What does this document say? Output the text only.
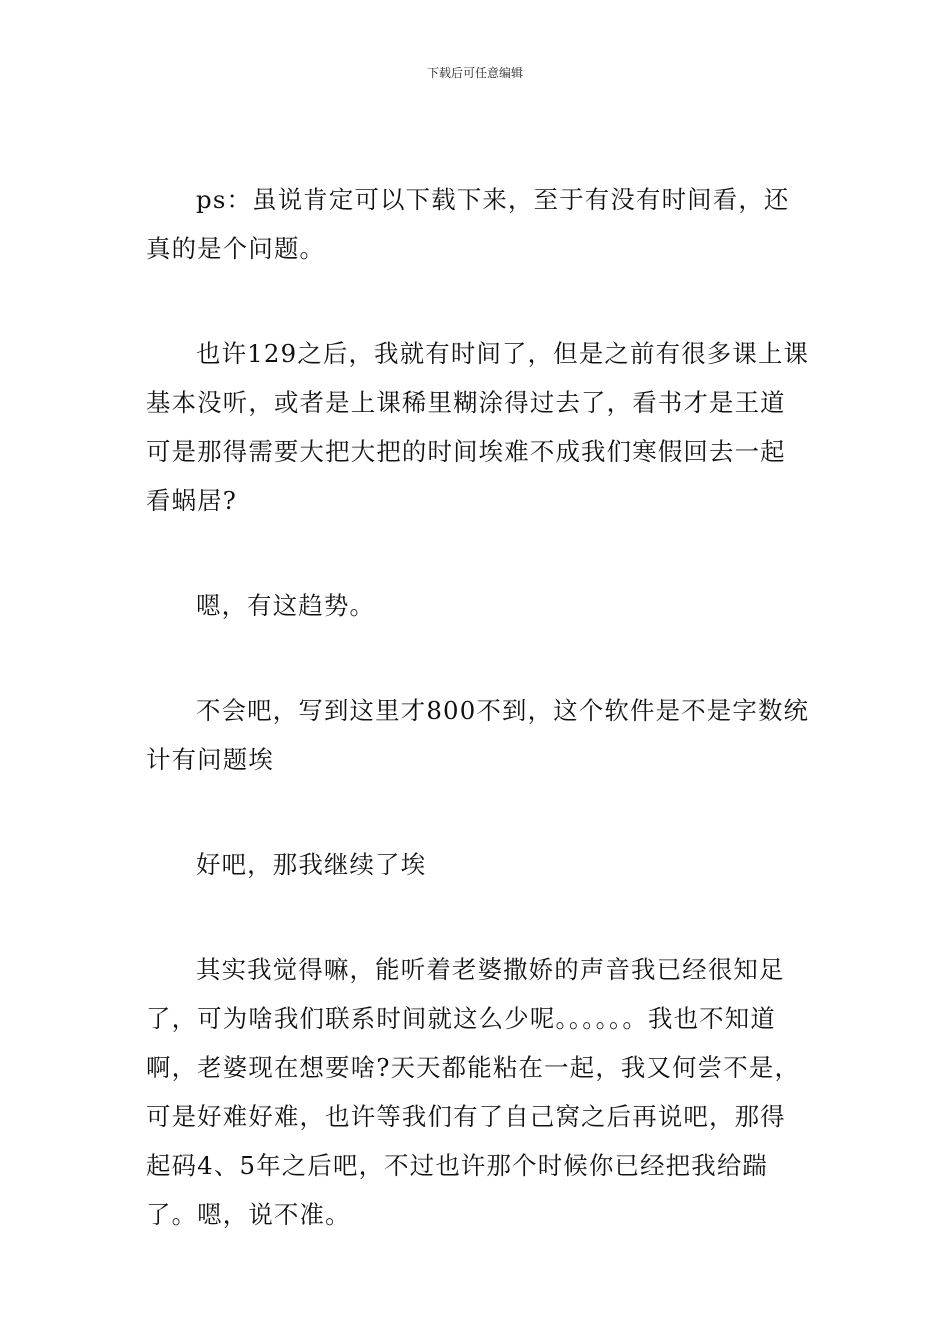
下载后可任意编辑

ps：虽说肯定可以下载下来，至于有没有时间看，还真的是个问题。

也许129之后，我就有时间了，但是之前有很多课上课基本没听，或者是上课稀里糊涂得过去了，看书才是王道可是那得需要大把大把的时间埃难不成我们寒假回去一起看蜗居?

嗯，有这趋势。

不会吧，写到这里才800不到，这个软件是不是字数统计有问题埃

好吧，那我继续了埃

其实我觉得嘛，能听着老婆撒娇的声音我已经很知足了，可为啥我们联系时间就这么少呢。。。。。。我也不知道啊，老婆现在想要啥?天天都能粘在一起，我又何尝不是，可是好难好难，也许等我们有了自己窝之后再说吧，那得起码4、5年之后吧，不过也许那个时候你已经把我给踹了。嗯，说不准。
